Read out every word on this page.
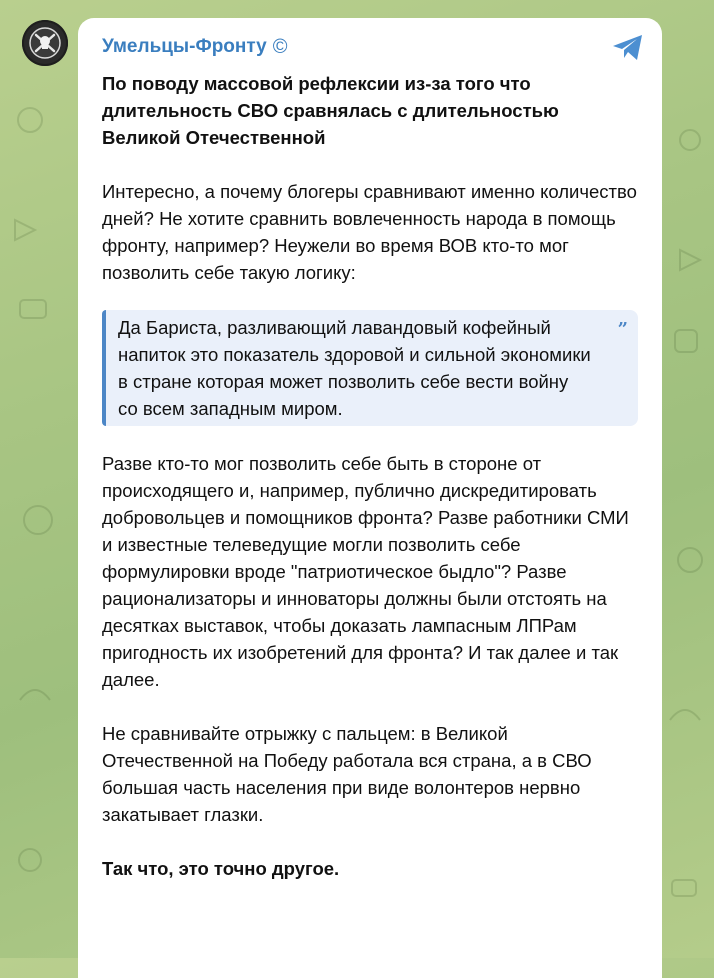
Умельцы-Фронту ©

По поводу массовой рефлексии из-за того что длительность СВО сравнялась с длительностью Великой Отечественной

Интересно, а почему блогеры сравнивают именно количество дней? Не хотите сравнить вовлеченность народа в помощь фронту, например? Неужели во время ВОВ кто-то мог позволить себе такую логику:

”

Да Бариста, разливающий лавандовый кофейный напиток это показатель здоровой и сильной экономики в стране которая может позволить себе вести войну со всем западным миром.

Разве кто-то мог позволить себе быть в стороне от происходящего и, например, публично дискредитировать добровольцев и помощников фронта? Разве работники СМИ и известные телеведущие могли позволить себе формулировки вроде "патриотическое быдло"? Разве рационализаторы и инноваторы должны были отстоять на десятках выставок, чтобы доказать лампасным ЛПРам пригодность их изобретений для фронта? И так далее и так далее.

Не сравнивайте отрыжку с пальцем: в Великой Отечественной на Победу работала вся страна, а в СВО большая часть населения при виде волонтеров нервно закатывает глазки.

Так что, это точно другое.
